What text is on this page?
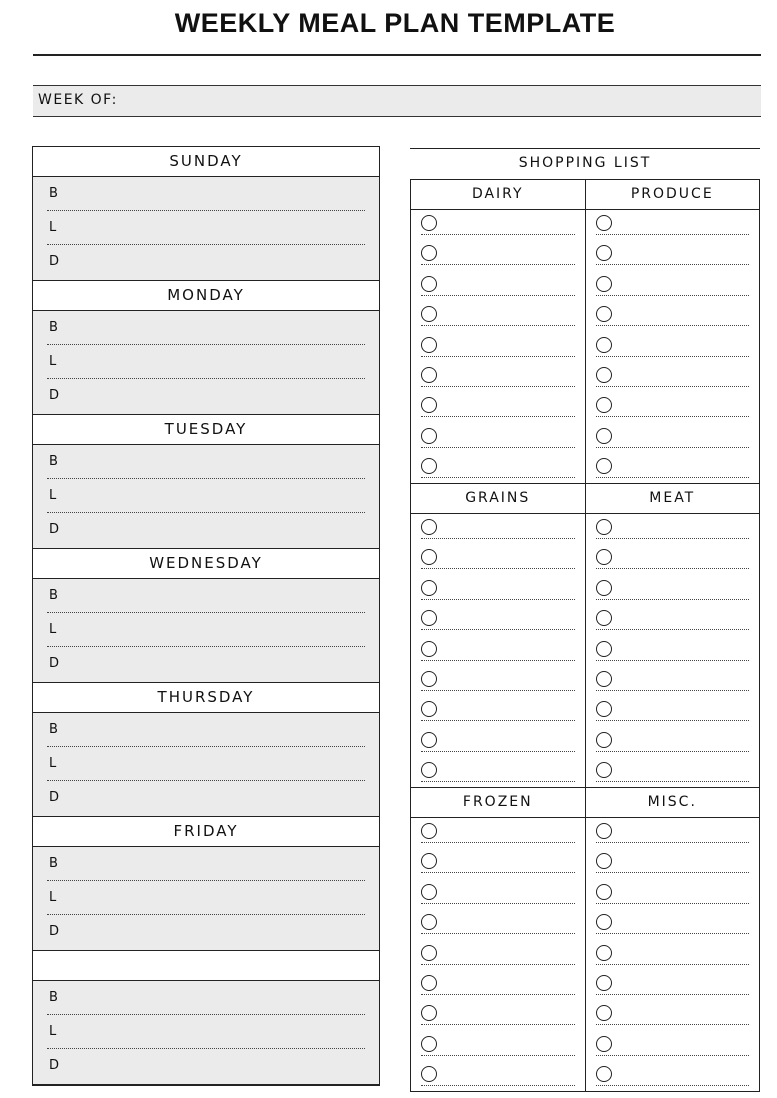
WEEKLY MEAL PLAN TEMPLATE
WEEK OF:
SUNDAY
B
L
D
MONDAY
B
L
D
TUESDAY
B
L
D
WEDNESDAY
B
L
D
THURSDAY
B
L
D
FRIDAY
B
L
D
B
L
D
SHOPPING LIST
DAIRY	PRODUCE
GRAINS	MEAT
FROZEN	MISC.
